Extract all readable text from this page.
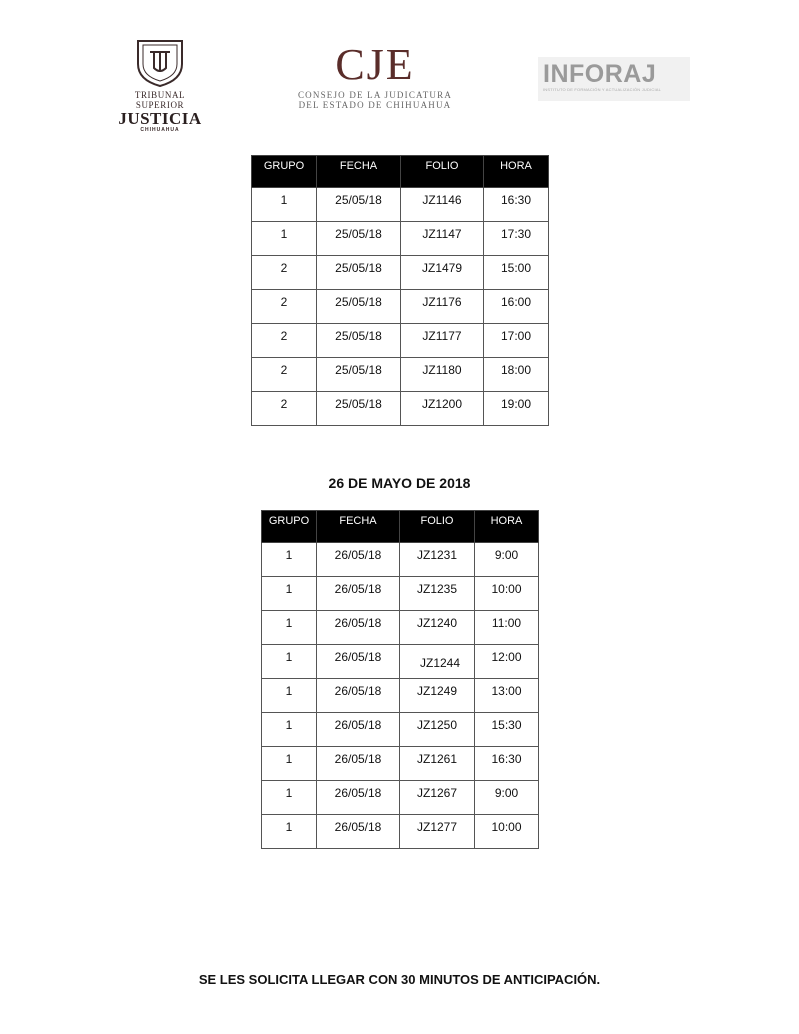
TRIBUNAL SUPERIOR
JUSTICIA
CHIHUAHUA
CJE
CONSEJO DE LA JUDICATURA
DEL ESTADO DE CHIHUAHUA
INFORAJ
INSTITUTO DE FORMACIÓN Y ACTUALIZACIÓN JUDICIAL
GRUPO	FECHA	FOLIO	HORA
1	25/05/18	JZ1146	16:30
1	25/05/18	JZ1147	17:30
2	25/05/18	JZ1479	15:00
2	25/05/18	JZ1176	16:00
2	25/05/18	JZ1177	17:00
2	25/05/18	JZ1180	18:00
2	25/05/18	JZ1200	19:00
26 DE MAYO DE 2018
GRUPO	FECHA	FOLIO	HORA
1	26/05/18	JZ1231	9:00
1	26/05/18	JZ1235	10:00
1	26/05/18	JZ1240	11:00
1	26/05/18	JZ1244	12:00
1	26/05/18	JZ1249	13:00
1	26/05/18	JZ1250	15:30
1	26/05/18	JZ1261	16:30
1	26/05/18	JZ1267	9:00
1	26/05/18	JZ1277	10:00
SE LES SOLICITA LLEGAR CON 30 MINUTOS DE ANTICIPACIÓN.
